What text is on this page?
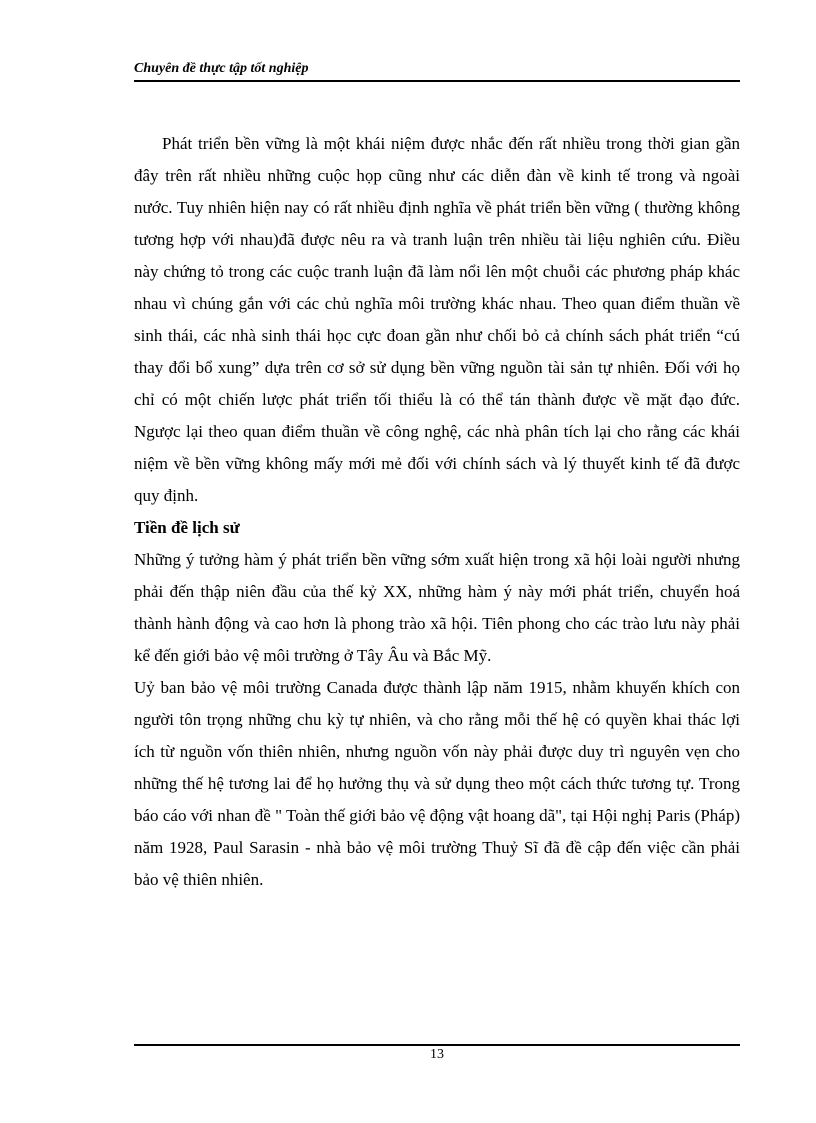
Chuyên đề thực tập tốt nghiệp

Phát triển bền vững là một khái niệm được nhắc đến rất nhiều trong thời gian gần đây trên rất nhiều những cuộc họp cũng như các diễn đàn về kinh tế trong và ngoài nước. Tuy nhiên hiện nay có rất nhiều định nghĩa về phát triển bền vững ( thường không tương hợp với nhau)đã được nêu ra và tranh luận trên nhiều tài liệu nghiên cứu. Điều này chứng tỏ trong các cuộc tranh luận đã làm nổi lên một chuỗi các phương pháp khác nhau vì chúng gắn với các chủ nghĩa môi trường khác nhau. Theo quan điểm thuần về sinh thái, các nhà sinh thái học cực đoan gần như chối bỏ cả chính sách phát triển “cú thay đổi bổ xung” dựa trên cơ sở sử dụng bền vững nguồn tài sản tự nhiên. Đối với họ chỉ có một chiến lược phát triển tối thiểu là có thể tán thành được về mặt đạo đức. Ngược lại theo quan điểm thuần về công nghệ, các nhà phân tích lại cho rằng các khái niệm về bền vững không mấy mới mẻ đối với chính sách và lý thuyết kinh tế đã được quy định.

Tiền đề lịch sử

Những ý tưởng hàm ý phát triển bền vững sớm xuất hiện trong xã hội loài người nhưng phải đến thập niên đầu của thế kỷ XX, những hàm ý này mới phát triển, chuyển hoá thành hành động và cao hơn là phong trào xã hội. Tiên phong cho các trào lưu này phải kể đến giới bảo vệ môi trường ở Tây Âu và Bắc Mỹ.

Uỷ ban bảo vệ môi trường Canada được thành lập năm 1915, nhằm khuyến khích con người tôn trọng những chu kỳ tự nhiên, và cho rằng mỗi thế hệ có quyền khai thác lợi ích từ nguồn vốn thiên nhiên, nhưng nguồn vốn này phải được duy trì nguyên vẹn cho những thế hệ tương lai để họ hưởng thụ và sử dụng theo một cách thức tương tự. Trong báo cáo với nhan đề " Toàn thế giới bảo vệ động vật hoang dã", tại Hội nghị Paris (Pháp) năm 1928, Paul Sarasin - nhà bảo vệ môi trường Thuỷ Sĩ đã đề cập đến việc cần phải bảo vệ thiên nhiên.

13
